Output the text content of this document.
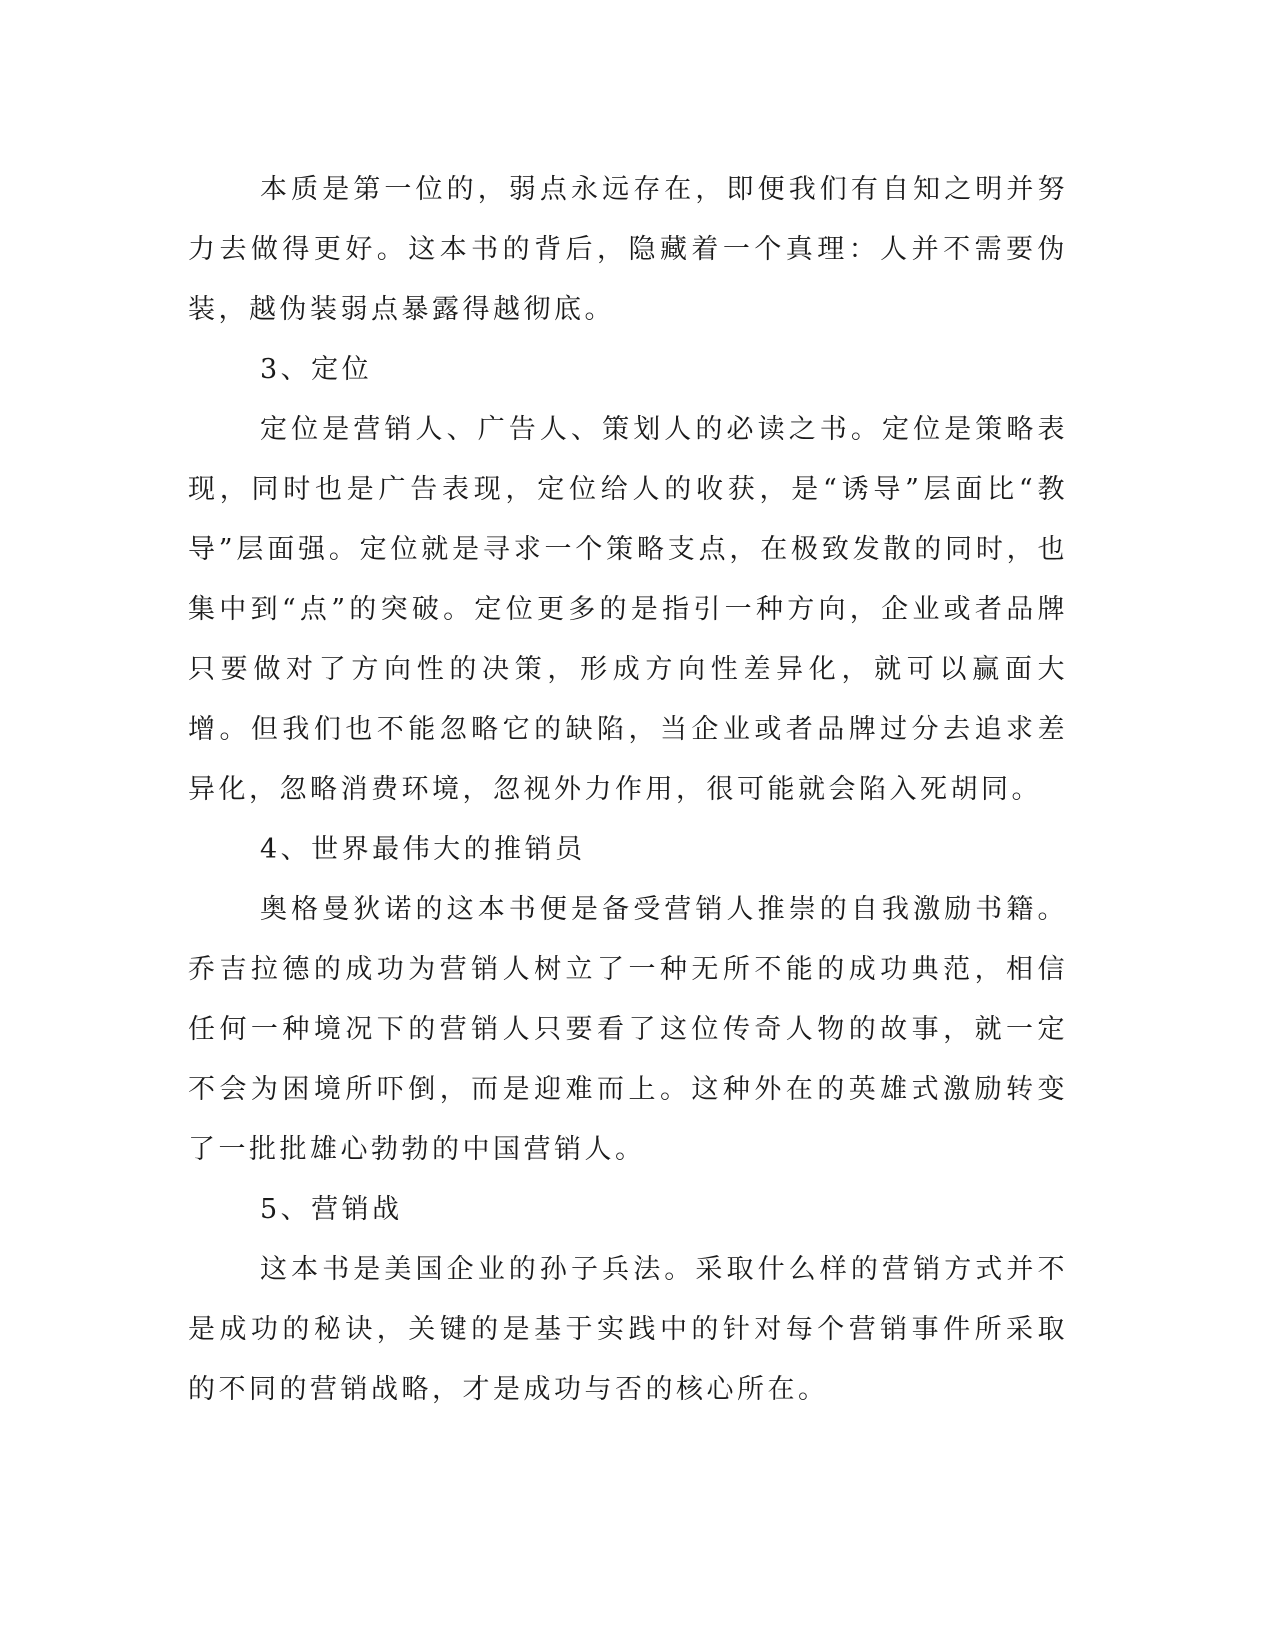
本质是第一位的，弱点永远存在，即便我们有自知之明并努力去做得更好。这本书的背后，隐藏着一个真理：人并不需要伪装，越伪装弱点暴露得越彻底。

3、定位

定位是营销人、广告人、策划人的必读之书。定位是策略表现，同时也是广告表现，定位给人的收获，是“诱导”层面比“教导”层面强。定位就是寻求一个策略支点，在极致发散的同时，也集中到“点”的突破。定位更多的是指引一种方向，企业或者品牌只要做对了方向性的决策，形成方向性差异化，就可以赢面大增。但我们也不能忽略它的缺陷，当企业或者品牌过分去追求差异化，忽略消费环境，忽视外力作用，很可能就会陷入死胡同。

4、世界最伟大的推销员

奥格曼狄诺的这本书便是备受营销人推崇的自我激励书籍。乔吉拉德的成功为营销人树立了一种无所不能的成功典范，相信任何一种境况下的营销人只要看了这位传奇人物的故事，就一定不会为困境所吓倒，而是迎难而上。这种外在的英雄式激励转变了一批批雄心勃勃的中国营销人。

5、营销战

这本书是美国企业的孙子兵法。采取什么样的营销方式并不是成功的秘诀，关键的是基于实践中的针对每个营销事件所采取的不同的营销战略，才是成功与否的核心所在。
